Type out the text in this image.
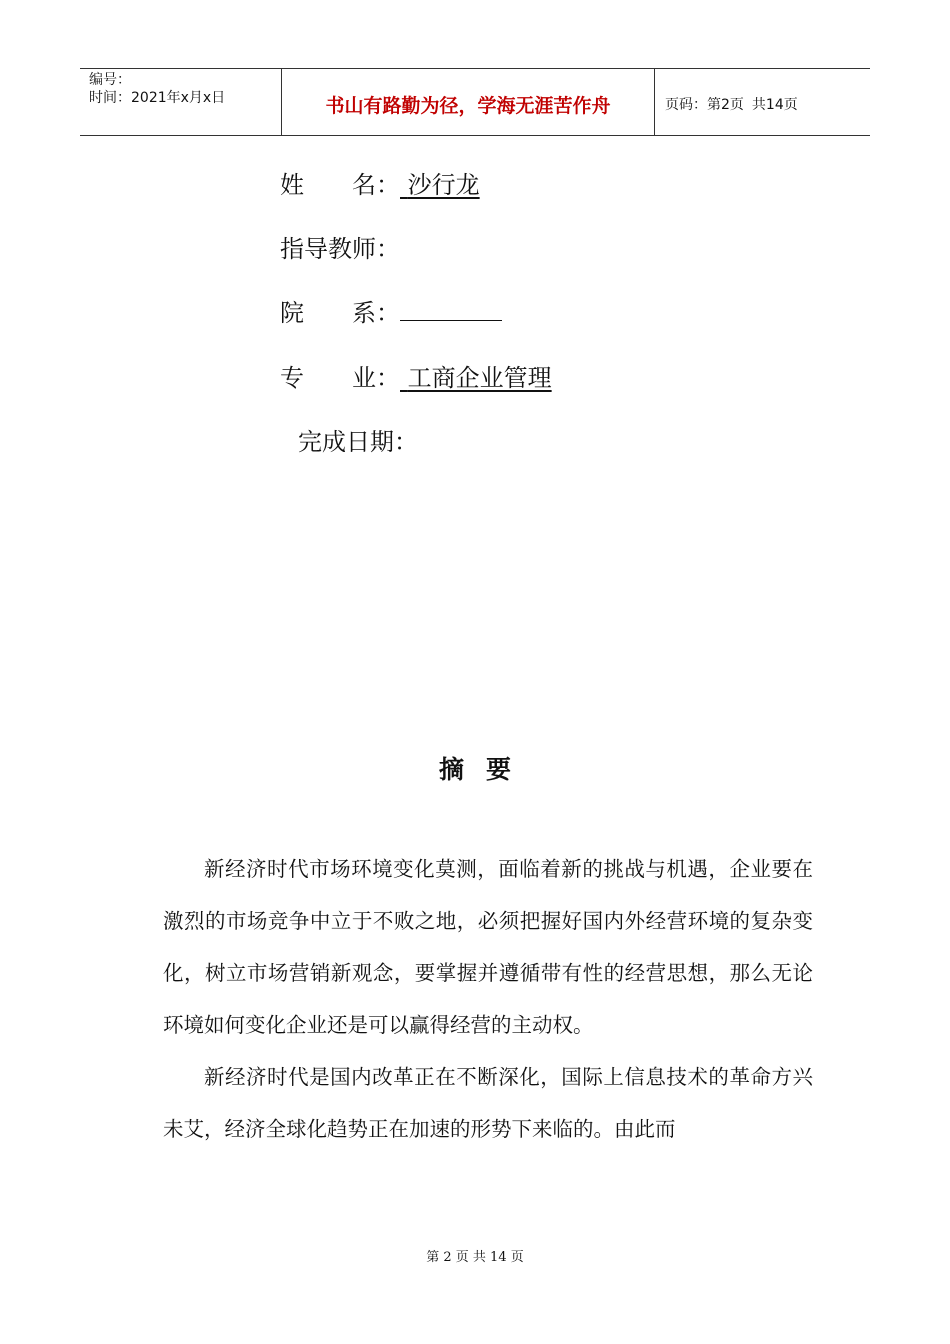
编号：
时间：2021年x月x日	书山有路勤为径，学海无涯苦作舟	页码：第2页 共14页
姓　　名： 沙行龙
指导教师：
院　　系：
专　　业： 工商企业管理
完成日期：
摘要

新经济时代市场环境变化莫测，面临着新的挑战与机遇，企业要在激烈的市场竞争中立于不败之地，必须把握好国内外经营环境的复杂变化，树立市场营销新观念，要掌握并遵循带有性的经营思想，那么无论环境如何变化企业还是可以赢得经营的主动权。

新经济时代是国内改革正在不断深化，国际上信息技术的革命方兴未艾，经济全球化趋势正在加速的形势下来临的。由此而

第 2 页 共 14 页
